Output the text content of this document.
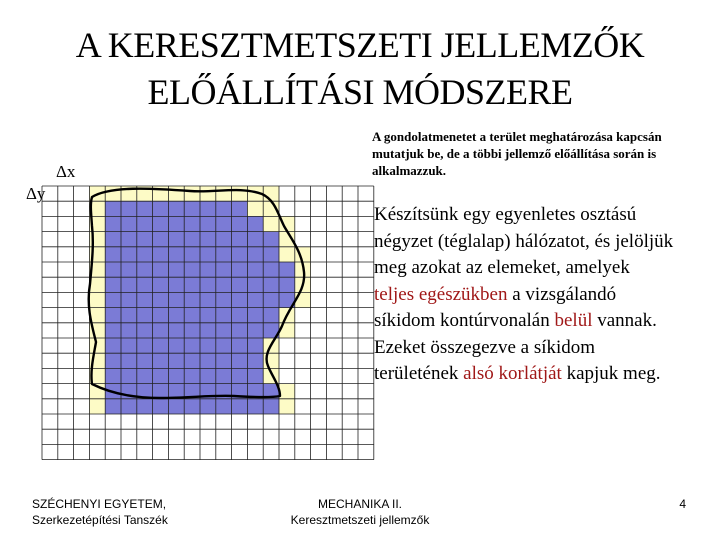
A KERESZTMETSZETI JELLEMZŐK
ELŐÁLLÍTÁSI MÓDSZERE
Δx
Δy
A gondolatmenetet a terület meghatározása kapcsán mutatjuk be, de a többi jellemző előállítása során is alkalmazzuk.
Készítsünk egy egyenletes osztású négyzet (téglalap) hálózatot, és jelöljük meg azokat az elemeket, amelyek teljes egészükben a vizsgálandó síkidom kontúrvonalán belül vannak. Ezeket összegezve a síkidom területének alsó korlátját kapjuk meg.
SZÉCHENYI EGYETEM,
Szerkezetépítési Tanszék
MECHANIKA II.
Keresztmetszeti jellemzők
4
